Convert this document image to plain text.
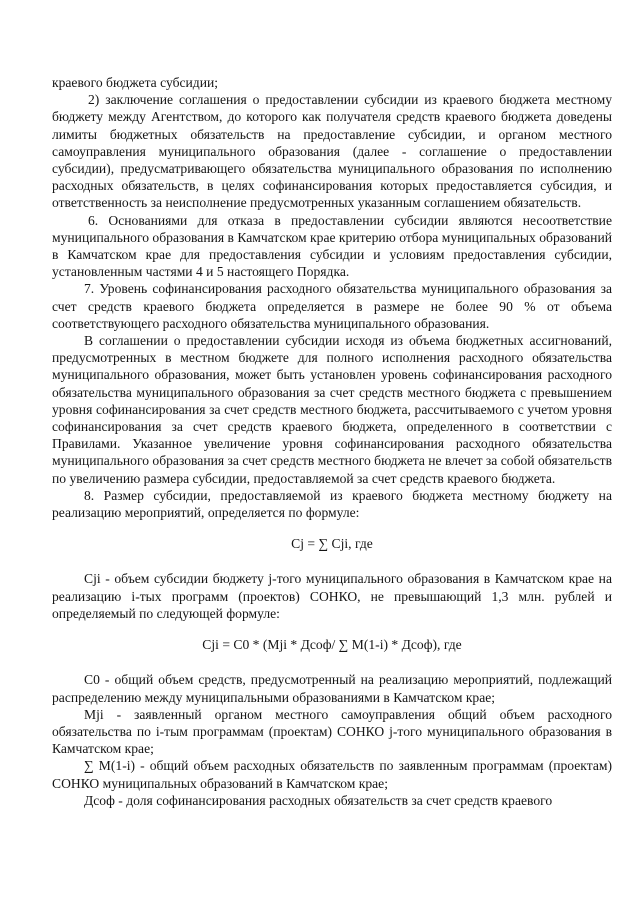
краевого бюджета субсидии;

2) заключение соглашения о предоставлении субсидии из краевого бюджета местному бюджету между Агентством, до которого как получателя средств краевого бюджета доведены лимиты бюджетных обязательств на предоставление субсидии, и органом местного самоуправления муниципального образования (далее - соглашение о предоставлении субсидии), предусматривающего обязательства муниципального образования по исполнению расходных обязательств, в целях софинансирования которых предоставляется субсидия, и ответственность за неисполнение предусмотренных указанным соглашением обязательств.

6. Основаниями для отказа в предоставлении субсидии являются несоответствие муниципального образования в Камчатском крае критерию отбора муниципальных образований в Камчатском крае для предоставления субсидии и условиям предоставления субсидии, установленным частями 4 и 5 настоящего Порядка.

7. Уровень софинансирования расходного обязательства муниципального образования за счет средств краевого бюджета определяется в размере не более 90 % от объема соответствующего расходного обязательства муниципального образования.

В соглашении о предоставлении субсидии исходя из объема бюджетных ассигнований, предусмотренных в местном бюджете для полного исполнения расходного обязательства муниципального образования, может быть установлен уровень софинансирования расходного обязательства муниципального образования за счет средств местного бюджета с превышением уровня софинансирования за счет средств местного бюджета, рассчитываемого с учетом уровня софинансирования за счет средств краевого бюджета, определенного в соответствии с Правилами. Указанное увеличение уровня софинансирования расходного обязательства муниципального образования за счет средств местного бюджета не влечет за собой обязательств по увеличению размера субсидии, предоставляемой за счет средств краевого бюджета.

8. Размер субсидии, предоставляемой из краевого бюджета местному бюджету на реализацию мероприятий, определяется по формуле:

Cj = ∑ Cji, где

Cji - объем субсидии бюджету j-того муниципального образования в Камчатском крае на реализацию i-тых программ (проектов) СОНКО, не превышающий 1,3 млн. рублей и определяемый по следующей формуле:

Cji = C0 * (Mji * Дсоф/ ∑ M(1-i) * Дсоф), где

C0 - общий объем средств, предусмотренный на реализацию мероприятий, подлежащий распределению между муниципальными образованиями в Камчатском крае;

Mji - заявленный органом местного самоуправления общий объем расходного обязательства по i-тым программам (проектам) СОНКО j-того муниципального образования в Камчатском крае;

∑ M(1-i) - общий объем расходных обязательств по заявленным программам (проектам) СОНКО муниципальных образований в Камчатском крае;

Дсоф - доля софинансирования расходных обязательств за счет средств краевого
